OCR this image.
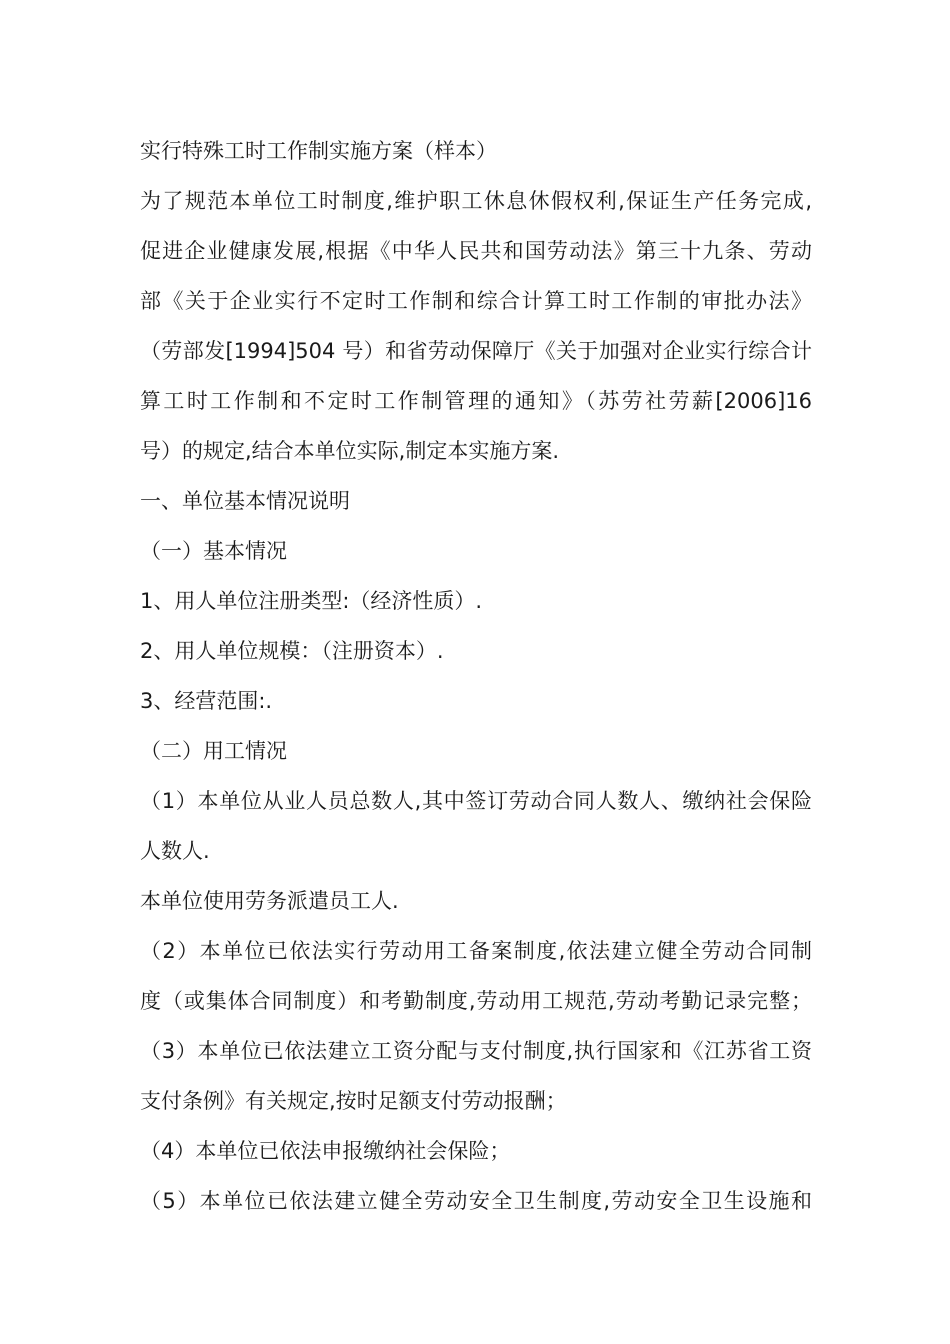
实行特殊工时工作制实施方案（样本）
为了规范本单位工时制度,维护职工休息休假权利,保证生产任务完成,
促进企业健康发展,根据《中华人民共和国劳动法》第三十九条、劳动
部《关于企业实行不定时工作制和综合计算工时工作制的审批办法》
（劳部发[1994]504 号）和省劳动保障厅《关于加强对企业实行综合计
算工时工作制和不定时工作制管理的通知》（苏劳社劳薪[2006]16
号）的规定,结合本单位实际,制定本实施方案.
一、单位基本情况说明
（一）基本情况
1、用人单位注册类型:（经济性质）.
2、用人单位规模：（注册资本）.
3、经营范围:.
（二）用工情况
（1）本单位从业人员总数人,其中签订劳动合同人数人、缴纳社会保险
人数人.
本单位使用劳务派遣员工人.
（2）本单位已依法实行劳动用工备案制度,依法建立健全劳动合同制
度（或集体合同制度）和考勤制度,劳动用工规范,劳动考勤记录完整；
（3）本单位已依法建立工资分配与支付制度,执行国家和《江苏省工资
支付条例》有关规定,按时足额支付劳动报酬；
（4）本单位已依法申报缴纳社会保险；
（5）本单位已依法建立健全劳动安全卫生制度,劳动安全卫生设施和
